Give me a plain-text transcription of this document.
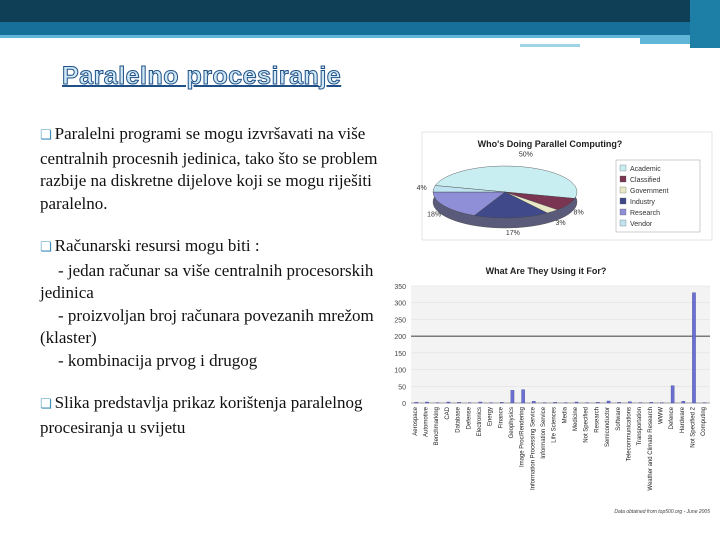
Paralelno procesiranje

❏ Paralelni programi se mogu izvršavati na više centralnih procesnih jedinica, tako što se problem razbije na diskretne dijelove koji se mogu riješiti paralelno.

❏ Računarski resursi mogu biti :
- jedan računar sa više centralnih procesorskih jedinica
- proizvoljan broj računara povezanih mrežom (klaster)
- kombinacija prvog i drugog

❏ Slika predstavlja prikaz korištenja paralelnog procesiranja u svijetu

Who's Doing Parallel Computing?
50%
8%
3%
17%
18%
4%
Academic
Classified
Government
Industry
Research
Vendor
What Are They Using it For?
0
50
100
150
200
250
300
350
Aerospace Automotive Benchmarking CAD Database Defense Electronics Energy Finance Geophysics Image Proc/Rendering Information Processing Service Information Service Life Sciences Media Medicine Not Specified Research Semiconductor Software Telecommunications Transportation Weather and Climate Research WWW Defence Hardware Not Specified 2 Computing
Data obtained from top500.org - June 2005
